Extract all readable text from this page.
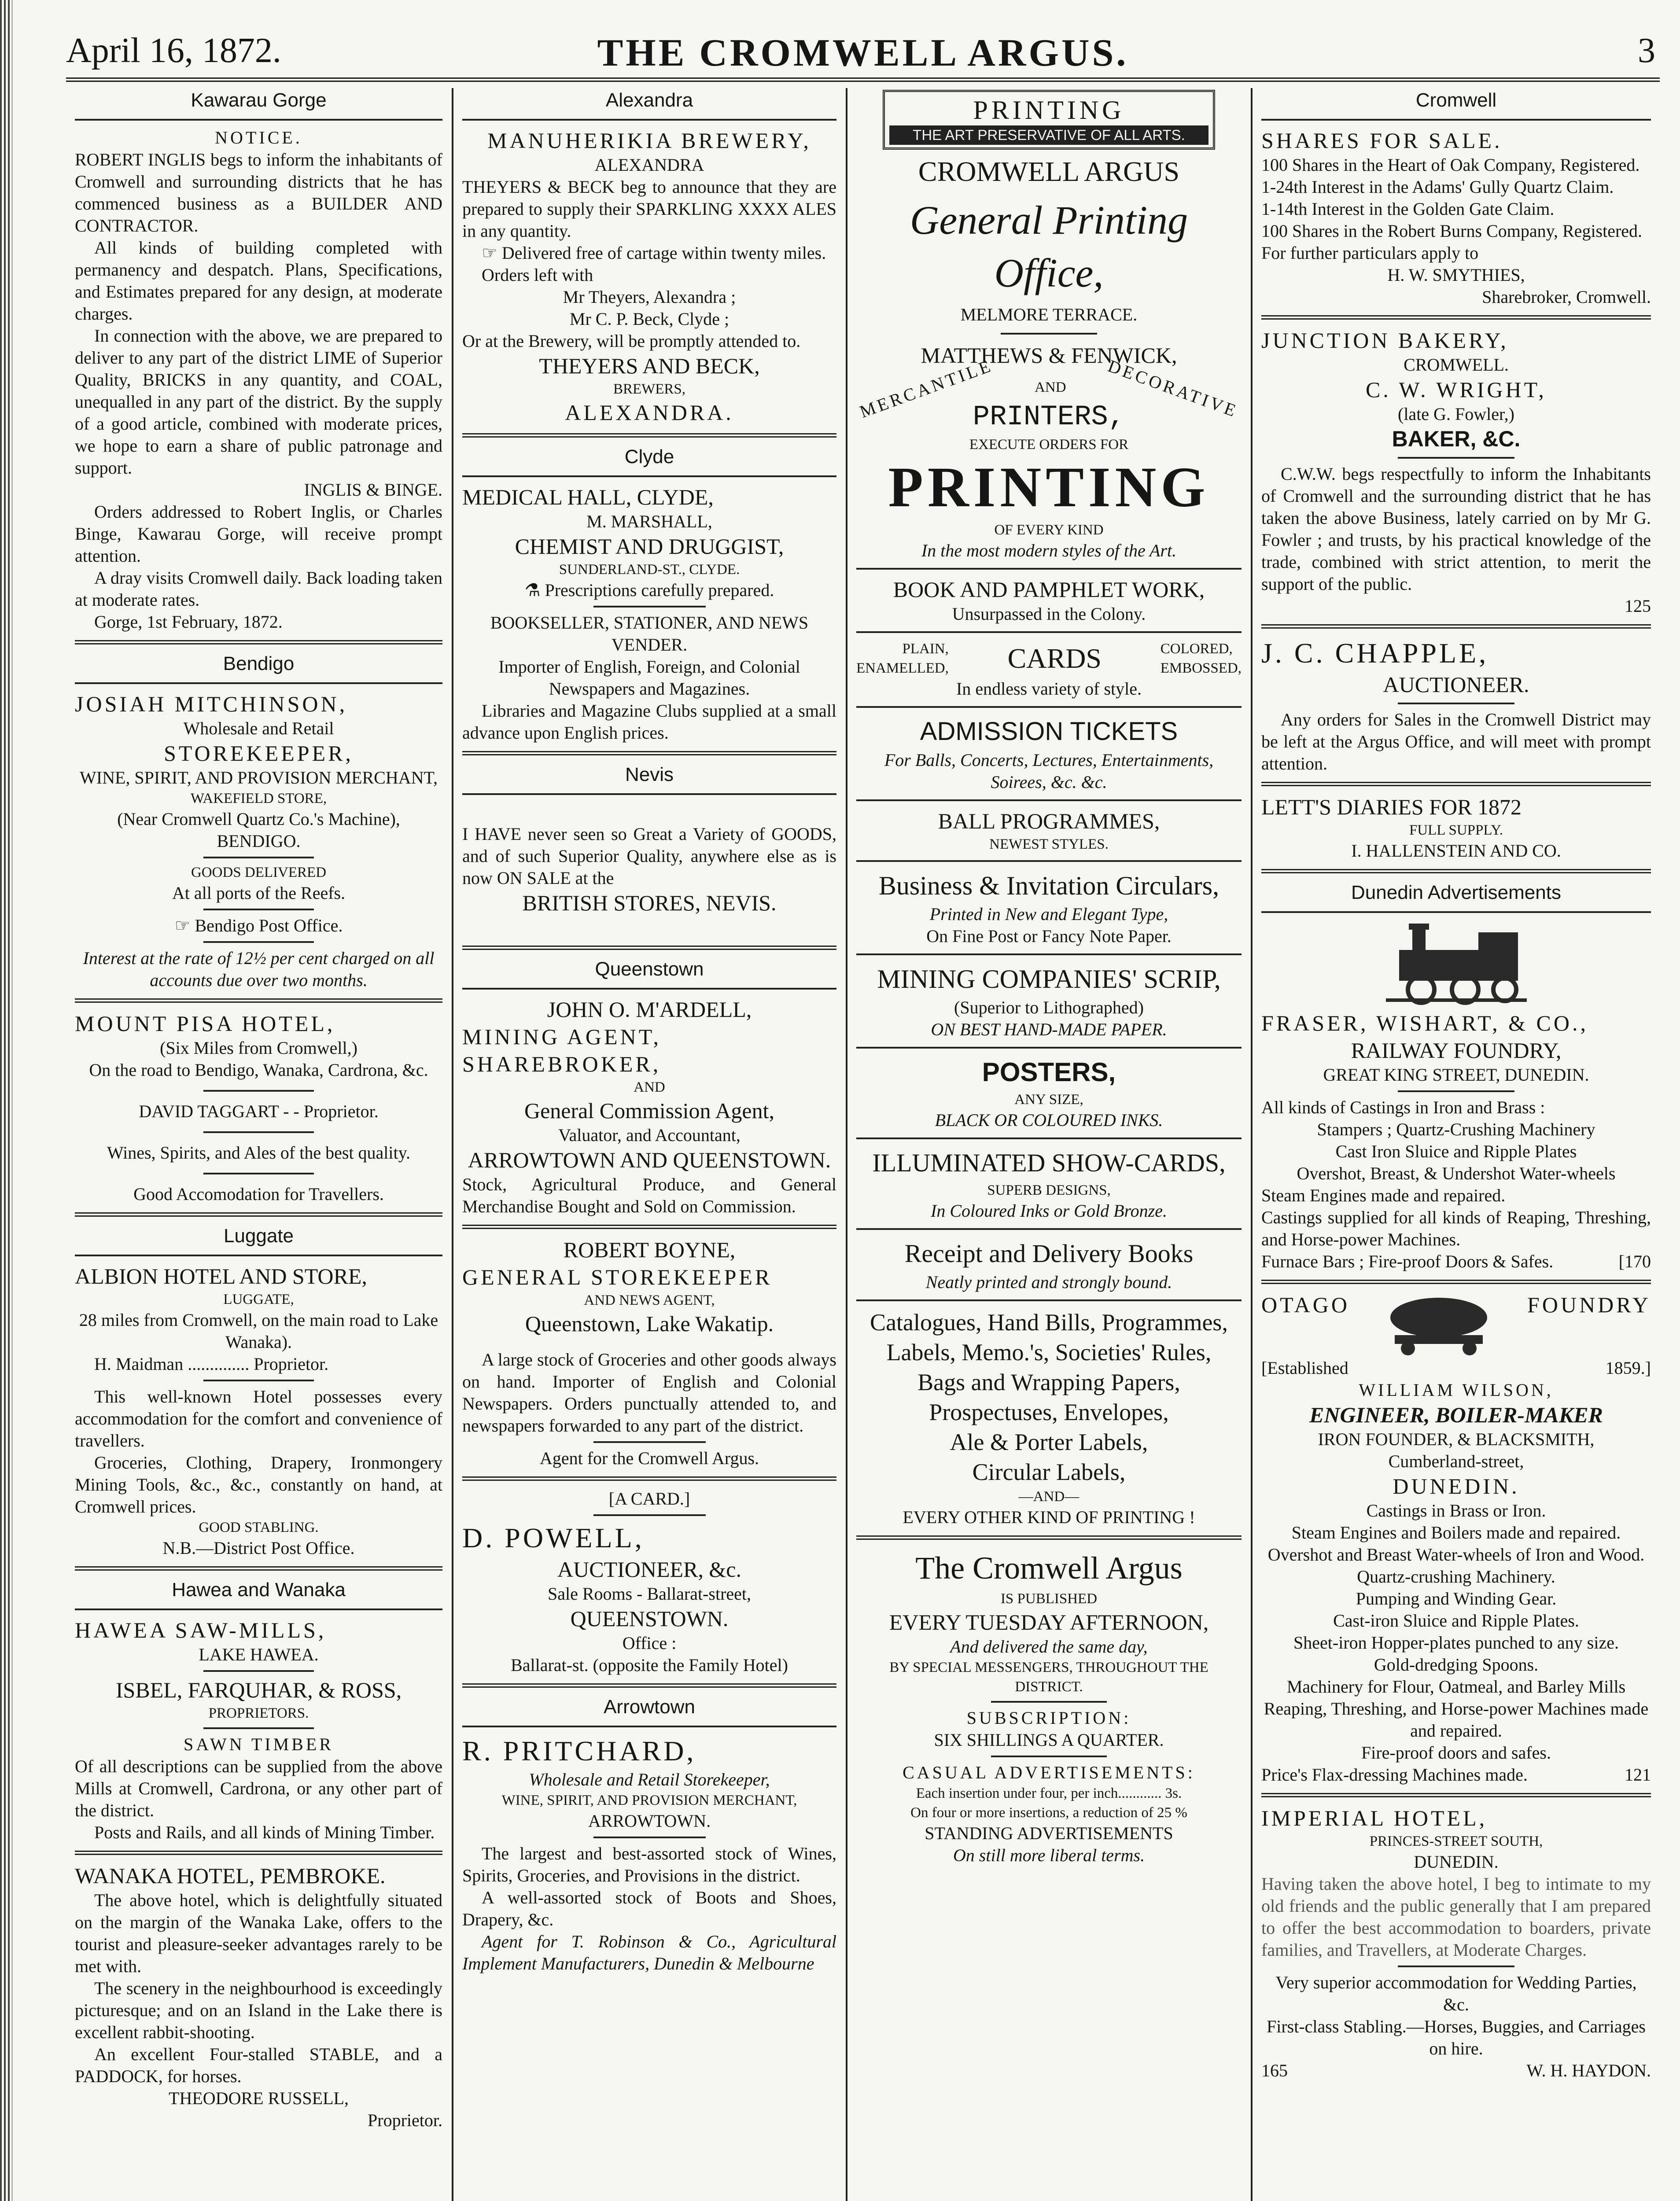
April 16, 1872.	THE CROMWELL ARGUS.	3

Kawarau Gorge

NOTICE.

ROBERT INGLIS begs to inform the inhabitants of Cromwell and surrounding districts that he has commenced business as a BUILDER AND CONTRACTOR.

All kinds of building completed with permanency and despatch. Plans, Specifications, and Estimates prepared for any design, at moderate charges.

In connection with the above, we are prepared to deliver to any part of the district LIME of Superior Quality, BRICKS in any quantity, and COAL, unequalled in any part of the district. By the supply of a good article, combined with moderate prices, we hope to earn a share of public patronage and support.

INGLIS & BINGE.

Orders addressed to Robert Inglis, or Charles Binge, Kawarau Gorge, will receive prompt attention.

A dray visits Cromwell daily. Back loading taken at moderate rates.

Gorge, 1st February, 1872.

Bendigo

JOSIAH MITCHINSON,

Wholesale and Retail

STOREKEEPER,

WINE, SPIRIT, AND PROVISION MERCHANT,

WAKEFIELD STORE,

(Near Cromwell Quartz Co.'s Machine),

BENDIGO.

GOODS DELIVERED

At all ports of the Reefs.

☞ Bendigo Post Office.

Interest at the rate of 12½ per cent charged on all accounts due over two months.

MOUNT PISA HOTEL,

(Six Miles from Cromwell,)

On the road to Bendigo, Wanaka, Cardrona, &c.

DAVID TAGGART - - Proprietor.

Wines, Spirits, and Ales of the best quality.

Good Accomodation for Travellers.

Luggate

ALBION HOTEL AND STORE,

LUGGATE,

28 miles from Cromwell, on the main road to Lake Wanaka).

H. Maidman .............. Proprietor.

This well-known Hotel possesses every accommodation for the comfort and convenience of travellers.

Groceries, Clothing, Drapery, Ironmongery Mining Tools, &c., &c., constantly on hand, at Cromwell prices.

GOOD STABLING.

N.B.—District Post Office.

Hawea and Wanaka

HAWEA SAW-MILLS,

LAKE HAWEA.

ISBEL, FARQUHAR, & ROSS,

PROPRIETORS.

SAWN TIMBER

Of all descriptions can be supplied from the above Mills at Cromwell, Cardrona, or any other part of the district.

Posts and Rails, and all kinds of Mining Timber.

WANAKA HOTEL, PEMBROKE.

The above hotel, which is delightfully situated on the margin of the Wanaka Lake, offers to the tourist and pleasure-seeker advantages rarely to be met with.

The scenery in the neighbourhood is exceedingly picturesque; and on an Island in the Lake there is excellent rabbit-shooting.

An excellent Four-stalled STABLE, and a PADDOCK, for horses.

THEODORE RUSSELL,

Proprietor.

Alexandra

MANUHERIKIA BREWERY,

ALEXANDRA

THEYERS & BECK beg to announce that they are prepared to supply their SPARKLING XXXX ALES in any quantity.

☞ Delivered free of cartage within twenty miles.

Orders left with

Mr Theyers, Alexandra ;

Mr C. P. Beck, Clyde ;

Or at the Brewery, will be promptly attended to.

THEYERS AND BECK,

BREWERS,

ALEXANDRA.

Clyde

MEDICAL HALL, CLYDE,

M. MARSHALL,

CHEMIST AND DRUGGIST,

SUNDERLAND-ST., CLYDE.

⚗ Prescriptions carefully prepared.

BOOKSELLER, STATIONER, AND NEWS VENDER.

Importer of English, Foreign, and Colonial Newspapers and Magazines.

Libraries and Magazine Clubs supplied at a small advance upon English prices.

Nevis

I HAVE never seen so Great a Variety of GOODS, and of such Superior Quality, anywhere else as is now ON SALE at the

BRITISH STORES, NEVIS.

Queenstown

JOHN O. M'ARDELL,

MINING AGENT, SHAREBROKER,

AND

General Commission Agent,

Valuator, and Accountant,

ARROWTOWN AND QUEENSTOWN.

Stock, Agricultural Produce, and General Merchandise Bought and Sold on Commission.

ROBERT BOYNE,

GENERAL STOREKEEPER

AND NEWS AGENT,

Queenstown, Lake Wakatip.

A large stock of Groceries and other goods always on hand. Importer of English and Colonial Newspapers. Orders punctually attended to, and newspapers forwarded to any part of the district.

Agent for the Cromwell Argus.

[A CARD.]

D. POWELL,

AUCTIONEER, &c.

Sale Rooms - Ballarat-street,

QUEENSTOWN.

Office :

Ballarat-st. (opposite the Family Hotel)

Arrowtown

R. PRITCHARD,

Wholesale and Retail Storekeeper,

WINE, SPIRIT, AND PROVISION MERCHANT,

ARROWTOWN.

The largest and best-assorted stock of Wines, Spirits, Groceries, and Provisions in the district.

A well-assorted stock of Boots and Shoes, Drapery, &c.

Agent for T. Robinson & Co., Agricultural Implement Manufacturers, Dunedin & Melbourne

PRINTING
THE ART PRESERVATIVE OF ALL ARTS.

CROMWELL ARGUS

General Printing Office,

MELMORE TERRACE.

MATTHEWS & FENWICK,

MERCANTILE	AND DECORATIVE

PRINTERS,

EXECUTE ORDERS FOR

PRINTING

OF EVERY KIND

In the most modern styles of the Art.

BOOK AND PAMPHLET WORK,

Unsurpassed in the Colony.

PLAIN,

ENAMELLED, CARDS	COLORED,

EMBOSSED,

In endless variety of style.

ADMISSION TICKETS

For Balls, Concerts, Lectures, Entertainments, Soirees, &c. &c.

BALL PROGRAMMES,

NEWEST STYLES.

Business & Invitation Circulars,

Printed in New and Elegant Type,

On Fine Post or Fancy Note Paper.

MINING COMPANIES' SCRIP,

(Superior to Lithographed)

ON BEST HAND-MADE PAPER.

POSTERS,

ANY SIZE,

BLACK OR COLOURED INKS.

ILLUMINATED SHOW-CARDS,

SUPERB DESIGNS,

In Coloured Inks or Gold Bronze.

Receipt and Delivery Books

Neatly printed and strongly bound.

Catalogues, Hand Bills, Programmes,

Labels, Memo.'s, Societies' Rules,

Bags and Wrapping Papers,

Prospectuses, Envelopes,

Ale & Porter Labels,

Circular Labels,

—AND—

EVERY OTHER KIND OF PRINTING !

The Cromwell Argus

IS PUBLISHED

EVERY TUESDAY AFTERNOON,

And delivered the same day,

BY SPECIAL MESSENGERS, THROUGHOUT THE DISTRICT.

SUBSCRIPTION:

SIX SHILLINGS A QUARTER.

CASUAL ADVERTISEMENTS:

Each insertion under four, per inch............ 3s.

On four or more insertions, a reduction of 25 %

STANDING ADVERTISEMENTS

On still more liberal terms.

Cromwell

SHARES FOR SALE.

100 Shares in the Heart of Oak Company, Registered.

1-24th Interest in the Adams' Gully Quartz Claim.

1-14th Interest in the Golden Gate Claim.

100 Shares in the Robert Burns Company, Registered.

For further particulars apply to

H. W. SMYTHIES,

Sharebroker, Cromwell.

JUNCTION BAKERY,

CROMWELL.

C. W. WRIGHT,

(late G. Fowler,)

BAKER, &C.

C.W.W. begs respectfully to inform the Inhabitants of Cromwell and the surrounding district that he has taken the above Business, lately carried on by Mr G. Fowler ; and trusts, by his practical knowledge of the trade, combined with strict attention, to merit the support of the public.

125

J. C. CHAPPLE,

AUCTIONEER.

Any orders for Sales in the Cromwell District may be left at the Argus Office, and will meet with prompt attention.

LETT'S DIARIES FOR 1872

FULL SUPPLY.

I. HALLENSTEIN AND CO.

Dunedin Advertisements

FRASER, WISHART, & CO.,

RAILWAY FOUNDRY,

GREAT KING STREET, DUNEDIN.

All kinds of Castings in Iron and Brass :

Stampers ; Quartz-Crushing Machinery

Cast Iron Sluice and Ripple Plates

Overshot, Breast, & Undershot Water-wheels

Steam Engines made and repaired.

Castings supplied for all kinds of Reaping, Threshing, and Horse-power Machines.

Furnace Bars ; Fire-proof Doors & Safes.	[170
OTAGO	FOUNDRY
[Established	1859.]

WILLIAM WILSON,

ENGINEER, BOILER-MAKER

IRON FOUNDER, & BLACKSMITH,

Cumberland-street,

DUNEDIN.

Castings in Brass or Iron.

Steam Engines and Boilers made and repaired.

Overshot and Breast Water-wheels of Iron and Wood.

Quartz-crushing Machinery.

Pumping and Winding Gear.

Cast-iron Sluice and Ripple Plates.

Sheet-iron Hopper-plates punched to any size.

Gold-dredging Spoons.

Machinery for Flour, Oatmeal, and Barley Mills

Reaping, Threshing, and Horse-power Machines made and repaired.

Fire-proof doors and safes.

Price's Flax-dressing Machines made.	121

IMPERIAL HOTEL,

PRINCES-STREET SOUTH,

DUNEDIN.

Having taken the above hotel, I beg to intimate to my old friends and the public generally that I am prepared to offer the best accommodation to boarders, private families, and Travellers, at Moderate Charges.

Very superior accommodation for Wedding Parties, &c.

First-class Stabling.—Horses, Buggies, and Carriages on hire.

165	W. H. HAYDON.
